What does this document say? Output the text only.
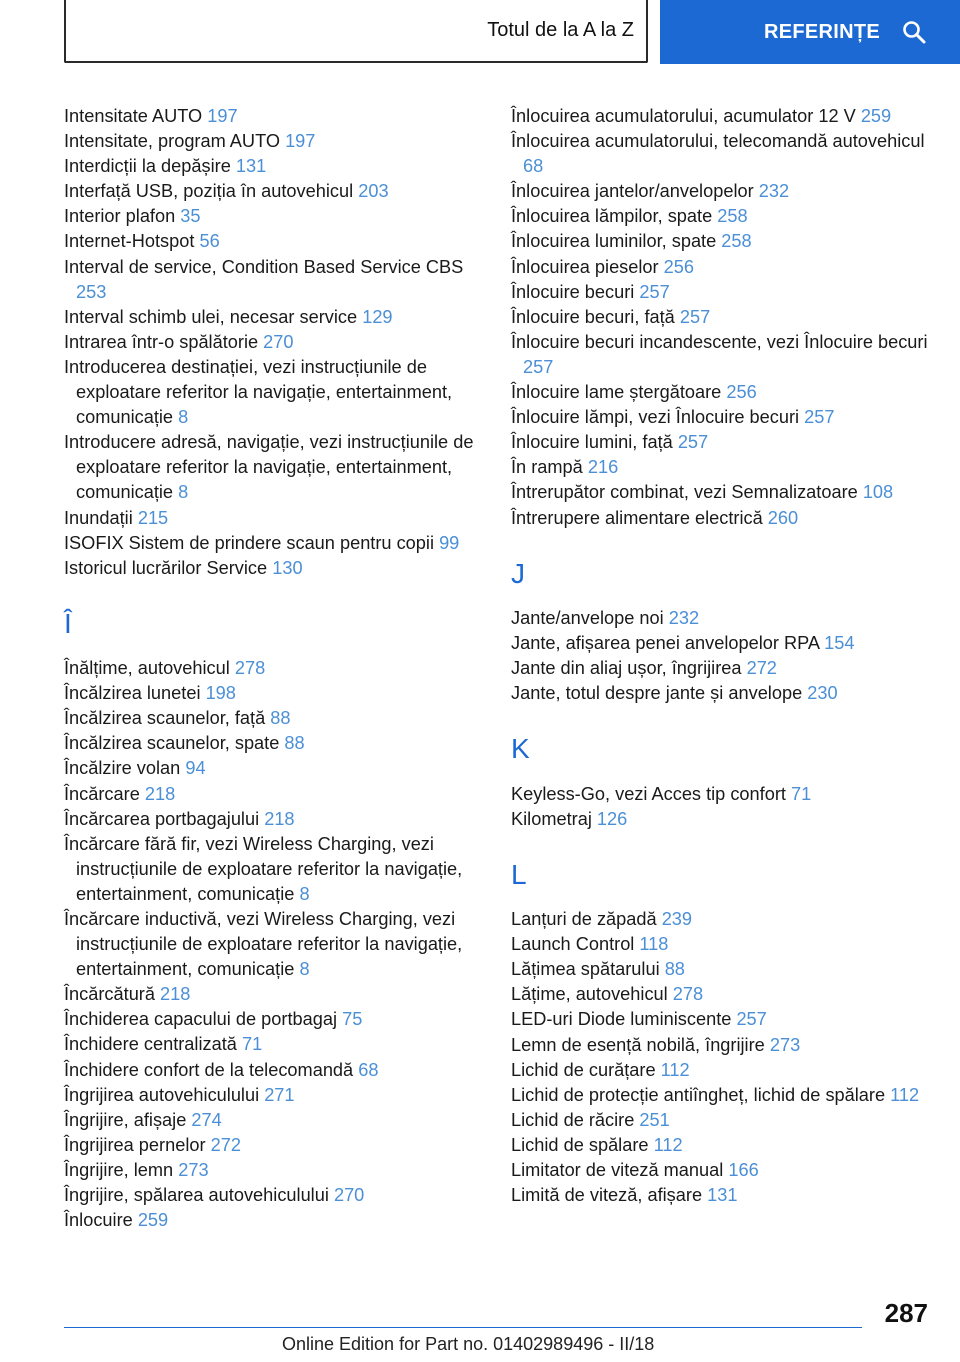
Totul de la A la Z	REFERINȚE
Intensitate AUTO 197
Intensitate, program AUTO 197
Interdicții la depășire 131
Interfață USB, poziția în autovehicul 203
Interior plafon 35
Internet-Hotspot 56
Interval de service, Condition Based Service CBS 253
Interval schimb ulei, necesar service 129
Intrarea într-o spălătorie 270
Introducerea destinației, vezi instrucțiunile de exploatare referitor la navigație, entertainment, comunicație 8
Introducere adresă, navigație, vezi instrucțiunile de exploatare referitor la navigație, entertainment, comunicație 8
Inundații 215
ISOFIX Sistem de prindere scaun pentru copii 99
Istoricul lucrărilor Service 130
Î
Înălțime, autovehicul 278
Încălzirea lunetei 198
Încălzirea scaunelor, față 88
Încălzirea scaunelor, spate 88
Încălzire volan 94
Încărcare 218
Încărcarea portbagajului 218
Încărcare fără fir, vezi Wireless Charging, vezi instrucțiunile de exploatare referitor la navigație, entertainment, comunicație 8
Încărcare inductivă, vezi Wireless Charging, vezi instrucțiunile de exploatare referitor la navigație, entertainment, comunicație 8
Încărcătură 218
Închiderea capacului de portbagaj 75
Închidere centralizată 71
Închidere confort de la telecomandă 68
Îngrijirea autovehiculului 271
Îngrijire, afișaje 274
Îngrijirea pernelor 272
Îngrijire, lemn 273
Îngrijire, spălarea autovehiculului 270
Înlocuire 259
Înlocuirea acumulatorului, acumulator 12 V 259
Înlocuirea acumulatorului, telecomandă autovehicul 68
Înlocuirea jantelor/anvelopelor 232
Înlocuirea lămpilor, spate 258
Înlocuirea luminilor, spate 258
Înlocuirea pieselor 256
Înlocuire becuri 257
Înlocuire becuri, față 257
Înlocuire becuri incandescente, vezi Înlocuire becuri 257
Înlocuire lame ștergătoare 256
Înlocuire lămpi, vezi Înlocuire becuri 257
Înlocuire lumini, față 257
În rampă 216
Întrerupător combinat, vezi Semnalizatoare 108
Întrerupere alimentare electrică 260
J
Jante/anvelope noi 232
Jante, afișarea penei anvelopelor RPA 154
Jante din aliaj ușor, îngrijirea 272
Jante, totul despre jante și anvelope 230
K
Keyless-Go, vezi Acces tip confort 71
Kilometraj 126
L
Lanțuri de zăpadă 239
Launch Control 118
Lățimea spătarului 88
Lățime, autovehicul 278
LED-uri Diode luminiscente 257
Lemn de esență nobilă, îngrijire 273
Lichid de curățare 112
Lichid de protecție antiîngheț, lichid de spălare 112
Lichid de răcire 251
Lichid de spălare 112
Limitator de viteză manual 166
Limită de viteză, afișare 131
287
Online Edition for Part no. 01402989496 - II/18
